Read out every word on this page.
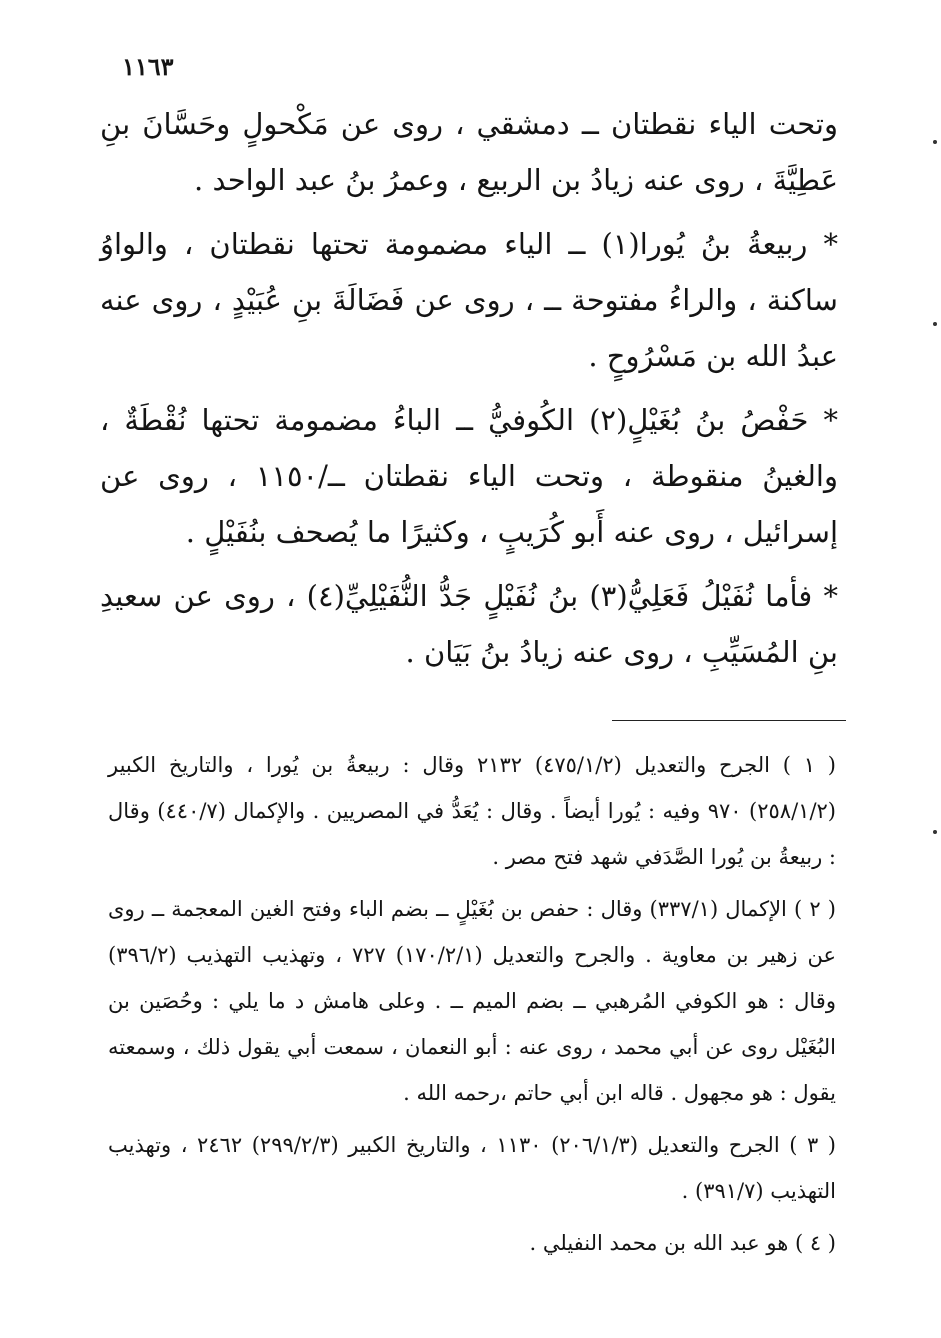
١١٦٣

وتحت الياء نقطتان ــ دمشقي ، روى عن مَكْحولٍ وحَسَّانَ بنِ عَطِيَّةَ ، روى عنه زيادُ بن الربيع ، وعمرُ بنُ عبد الواحد .

* ربيعةُ بنُ يُورا(١) ــ الياء مضمومة تحتها نقطتان ، والواوُ ساكنة ، والراءُ مفتوحة ــ ، روى عن فَضَالَةَ بنِ عُبَيْدٍ ، روى عنه عبدُ الله بن مَسْرُوحٍ .

* حَفْصُ بنُ بُغَيْلٍ(٢) الكُوفيُّ ــ الباءُ مضمومة تحتها نُقْطَةٌ ، والغينُ منقوطة ، وتحت الياء نقطتان ــ/١١٥٠ ، روى عن إسرائيل ، روى عنه أَبو كُرَيبٍ ، وكثيرًا ما يُصحف بنُفَيْلٍ .

* فأما نُفَيْلُ فَعَلِيُّ(٣) بنُ نُفَيْلٍ جَدُّ النُّفَيْلِيِّ(٤) ، روى عن سعيدِ بنِ المُسَيِّبِ ، روى عنه زيادُ بنُ بَيَان .

( ١ ) الجرح والتعديل (٤٧٥/١/٢) ٢١٣٢ وقال : ربيعةُ بن يُورا ، والتاريخ الكبير (٢٥٨/١/٢) ٩٧٠ وفيه : يُورا أيضاً . وقال : يُعَدُّ في المصريين . والإكمال (٤٤٠/٧) وقال : ربيعةُ بن يُورا الصَّدَفي شهد فتح مصر .

( ٢ ) الإكمال (٣٣٧/١) وقال : حفص بن بُغَيْلٍ ــ بضم الباء وفتح الغين المعجمة ــ روى عن زهير بن معاوية . والجرح والتعديل (١٧٠/٢/١) ٧٢٧ ، وتهذيب التهذيب (٣٩٦/٢) وقال : هو الكوفي المُرهبي ــ بضم الميم ــ . وعلى هامش د ما يلي : وحُصَين بن البُغَيْل روى عن أبي محمد ، روى عنه : أبو النعمان ، سمعت أبي يقول ذلك ، وسمعته يقول : هو مجهول . قاله ابن أبي حاتم ،رحمه الله .

( ٣ ) الجرح والتعديل (٢٠٦/١/٣) ١١٣٠ ، والتاريخ الكبير (٢٩٩/٢/٣) ٢٤٦٢ ، وتهذيب التهذيب (٣٩١/٧) .

( ٤ ) هو عبد الله بن محمد النفيلي .
